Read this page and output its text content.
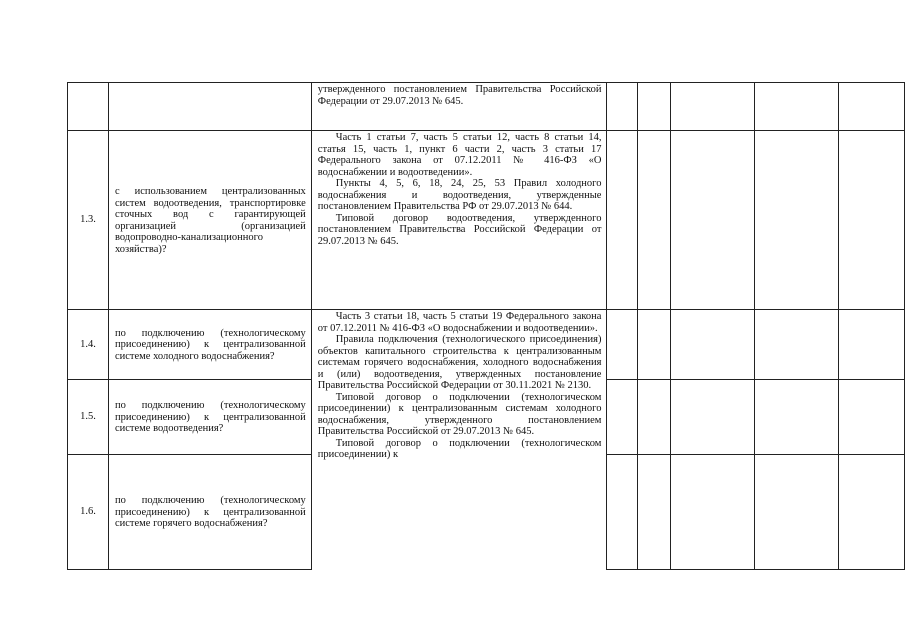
		утвержденного постановлением Правительства Российской Федерации от 29.07.2013 № 645.					

1.3.	с использованием централизованных систем водоотведения, транспортировке сточных вод с гарантирующей организацией (организацией водопроводно-канализационного хозяйства)?	Часть 1 статьи 7, часть 5 статьи 12, часть 8 статьи 14, статья 15, часть 1, пункт 6 части 2, часть 3 статьи 17 Федерального закона от 07.12.2011 № 416-ФЗ «О водоснабжении и водоотведении».

Пункты 4, 5, 6, 18, 24, 25, 53 Правил холодного водоснабжения и водоотведения, утвержденные постановлением Правительства РФ от 29.07.2013 № 644.

Типовой договор водоотведения, утвержденного постановлением Правительства Российской Федерации от 29.07.2013 № 645.					

1.4.	по подключению (технологическому присоединению) к централизованной системе холодного водоснабжения?	Часть 3 статьи 18, часть 5 статьи 19 Федерального закона от 07.12.2011 № 416-ФЗ «О водоснабжении и водоотведении».

Правила подключения (технологического присоединения) объектов капитального строительства к централизованным системам горячего водоснабжения, холодного водоснабжения и (или) водоотведения, утвержденных постановление Правительства Российской Федерации от 30.11.2021 № 2130.

Типовой договор о подключении (технологическом присоединении) к централизованным системам холодного водоснабжения, утвержденного постановлением Правительства Российской от 29.07.2013 № 645.

Типовой договор о подключении (технологическом присоединении) к					

1.5.	по подключению (технологическому присоединению) к централизованной системе водоотведения?						

1.6.	по подключению (технологическому присоединению) к централизованной системе горячего водоснабжения?						
